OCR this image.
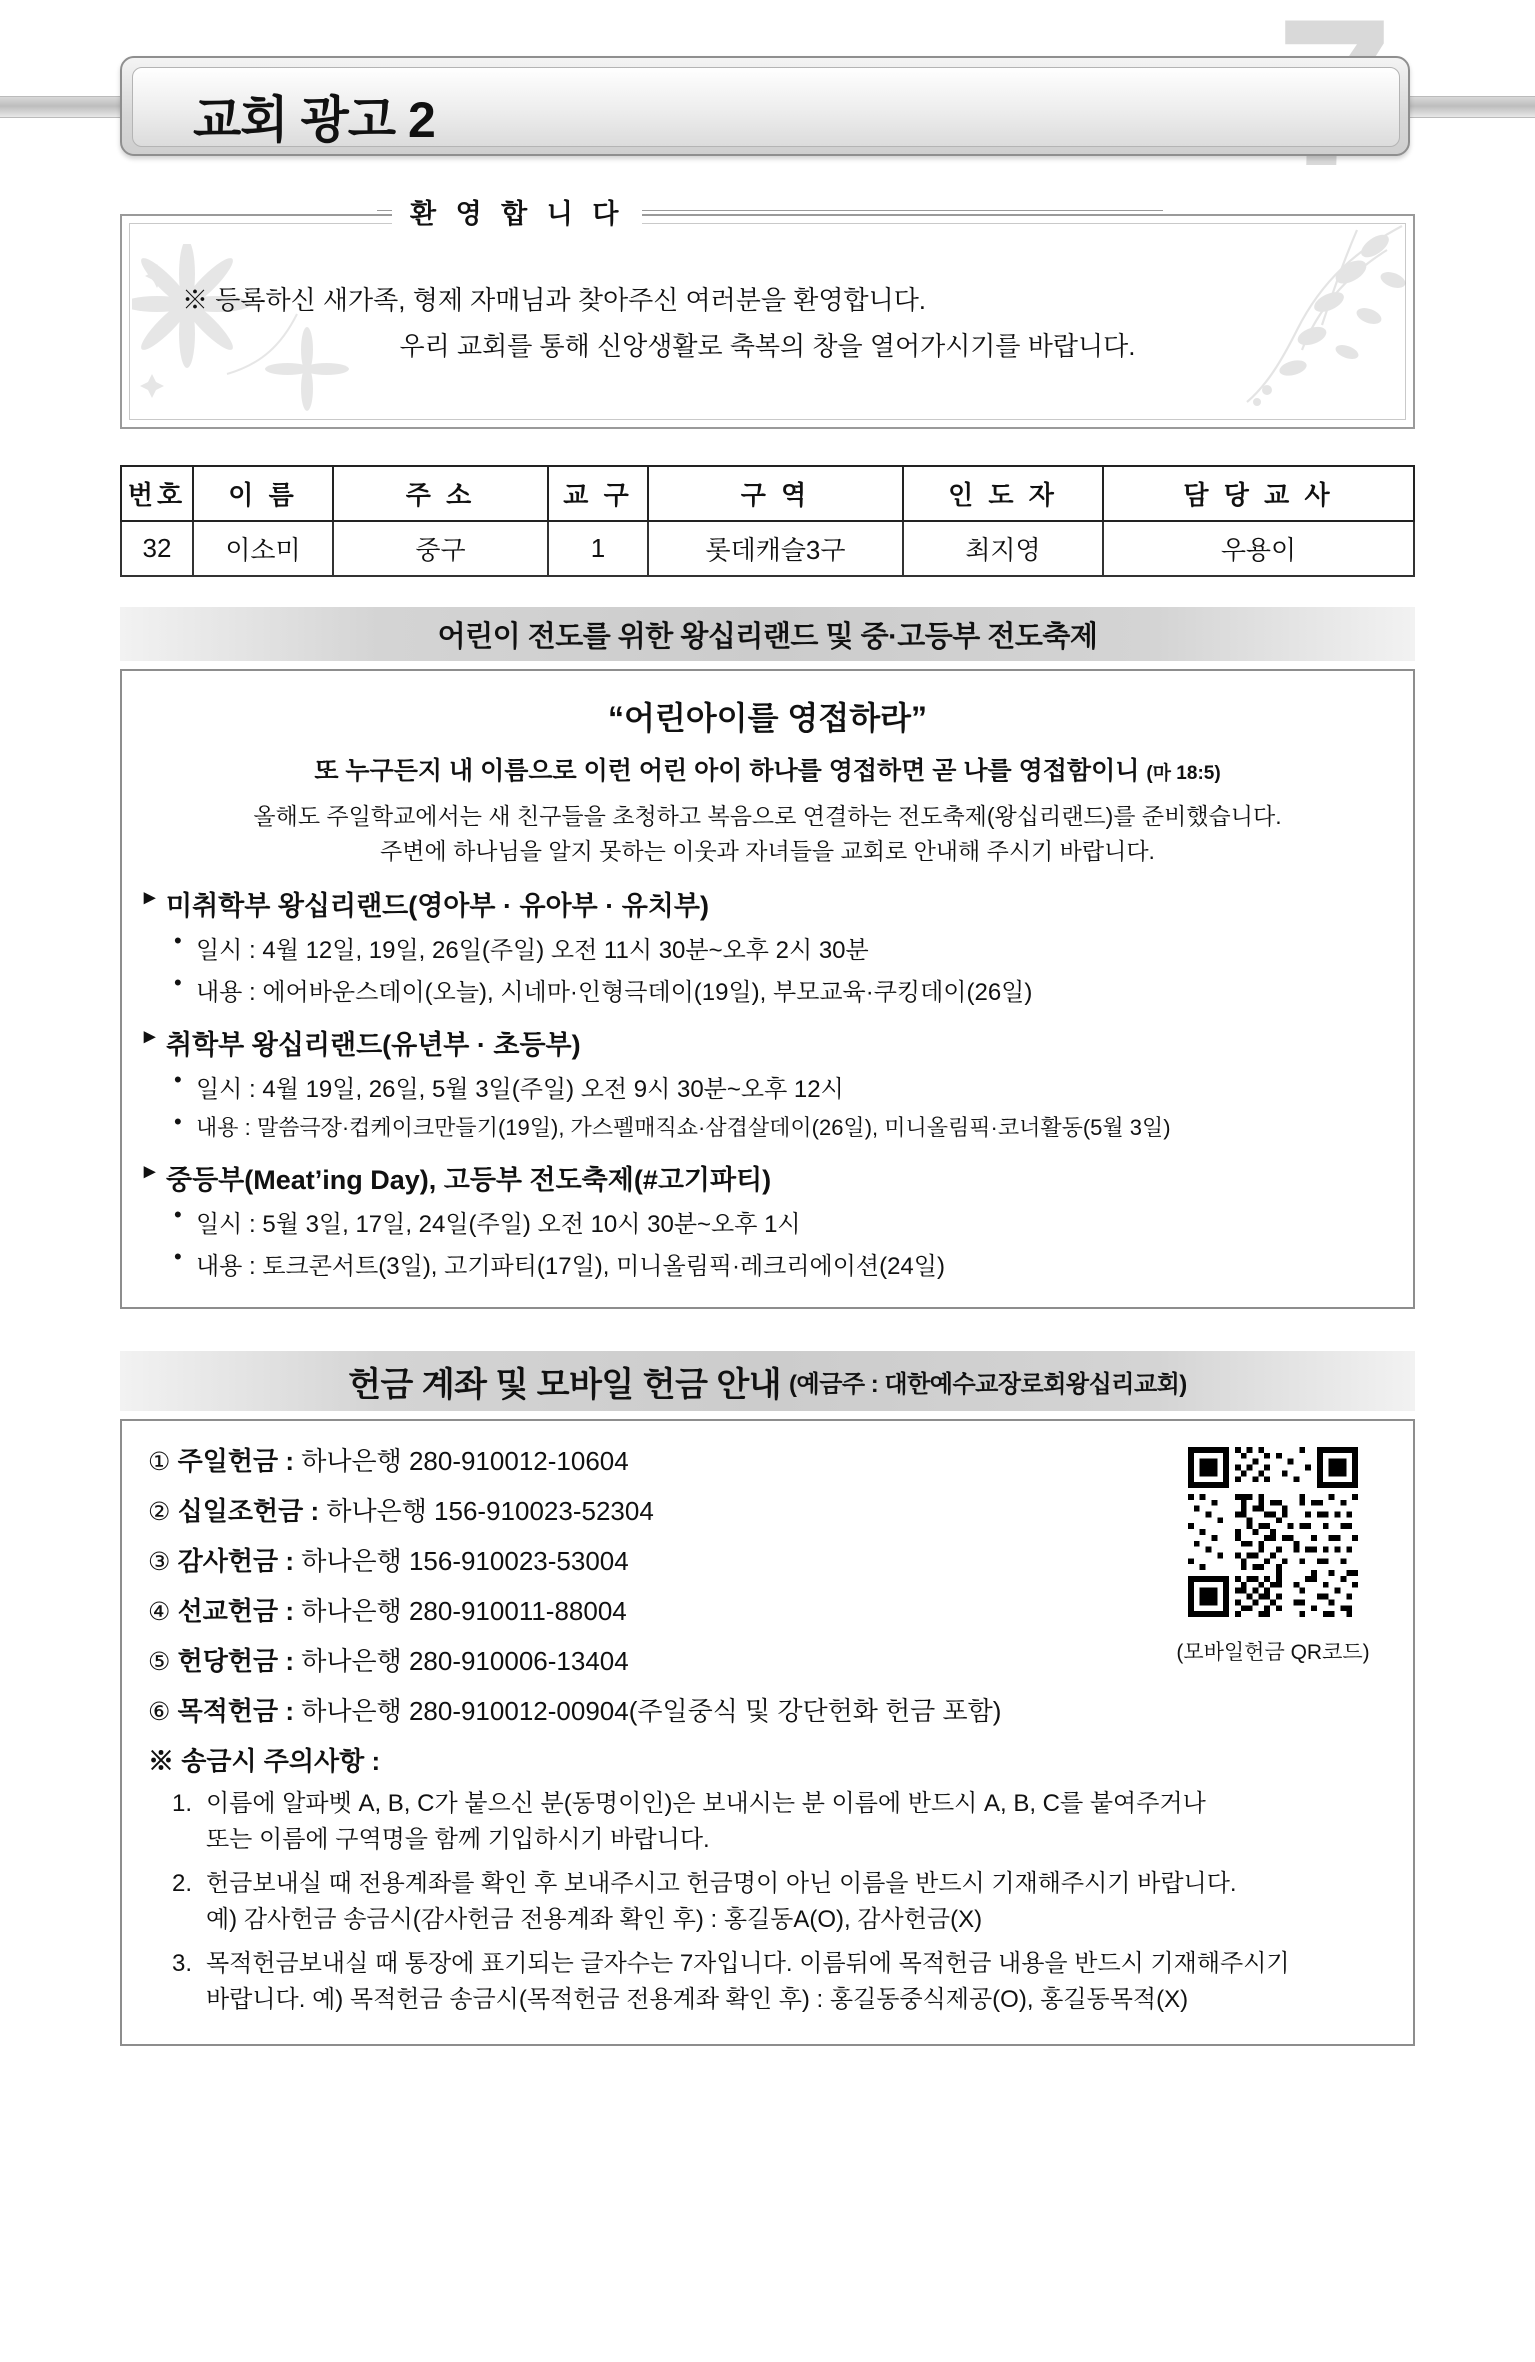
교회 광고 2
환 영 합 니 다
※ 등록하신 새가족, 형제 자매님과 찾아주신 여러분을 환영합니다.
우리 교회를 통해 신앙생활로 축복의 창을 열어가시기를 바랍니다.
번호	이 름	주 소	교 구	구 역	인 도 자	담 당 교 사
32	이소미	중구	1	롯데캐슬3구	최지영	우용이
어린이 전도를 위한 왕십리랜드 및 중·고등부 전도축제
“어린아이를 영접하라”
또 누구든지 내 이름으로 이런 어린 아이 하나를 영접하면 곧 나를 영접함이니 (마 18:5)
올해도 주일학교에서는 새 친구들을 초청하고 복음으로 연결하는 전도축제(왕십리랜드)를 준비했습니다.
주변에 하나님을 알지 못하는 이웃과 자녀들을 교회로 안내해 주시기 바랍니다.
▸ 미취학부 왕십리랜드(영아부 · 유아부 · 유치부)
• 일시 : 4월 12일, 19일, 26일(주일) 오전 11시 30분~오후 2시 30분
• 내용 : 에어바운스데이(오늘), 시네마·인형극데이(19일), 부모교육·쿠킹데이(26일)
▸ 취학부 왕십리랜드(유년부 · 초등부)
• 일시 : 4월 19일, 26일, 5월 3일(주일) 오전 9시 30분~오후 12시
• 내용 : 말씀극장·컵케이크만들기(19일), 가스펠매직쇼·삼겹살데이(26일), 미니올림픽·코너활동(5월 3일)
▸ 중등부(Meat’ing Day), 고등부 전도축제(#고기파티)
• 일시 : 5월 3일, 17일, 24일(주일) 오전 10시 30분~오후 1시
• 내용 : 토크콘서트(3일), 고기파티(17일), 미니올림픽·레크리에이션(24일)
헌금 계좌 및 모바일 헌금 안내 (예금주 : 대한예수교장로회왕십리교회)
(모바일헌금 QR코드)
① 주일헌금 : 하나은행 280-910012-10604
② 십일조헌금 : 하나은행 156-910023-52304
③ 감사헌금 : 하나은행 156-910023-53004
④ 선교헌금 : 하나은행 280-910011-88004
⑤ 헌당헌금 : 하나은행 280-910006-13404
⑥ 목적헌금 : 하나은행 280-910012-00904(주일중식 및 강단헌화 헌금 포함)
※ 송금시 주의사항 :
1. 이름에 알파벳 A, B, C가 붙으신 분(동명이인)은 보내시는 분 이름에 반드시 A, B, C를 붙여주거나
또는 이름에 구역명을 함께 기입하시기 바랍니다.
2. 헌금보내실 때 전용계좌를 확인 후 보내주시고 헌금명이 아닌 이름을 반드시 기재해주시기 바랍니다.
예) 감사헌금 송금시(감사헌금 전용계좌 확인 후) : 홍길동A(O), 감사헌금(X)
3. 목적헌금보내실 때 통장에 표기되는 글자수는 7자입니다. 이름뒤에 목적헌금 내용을 반드시 기재해주시기
바랍니다. 예) 목적헌금 송금시(목적헌금 전용계좌 확인 후) : 홍길동중식제공(O), 홍길동목적(X)
